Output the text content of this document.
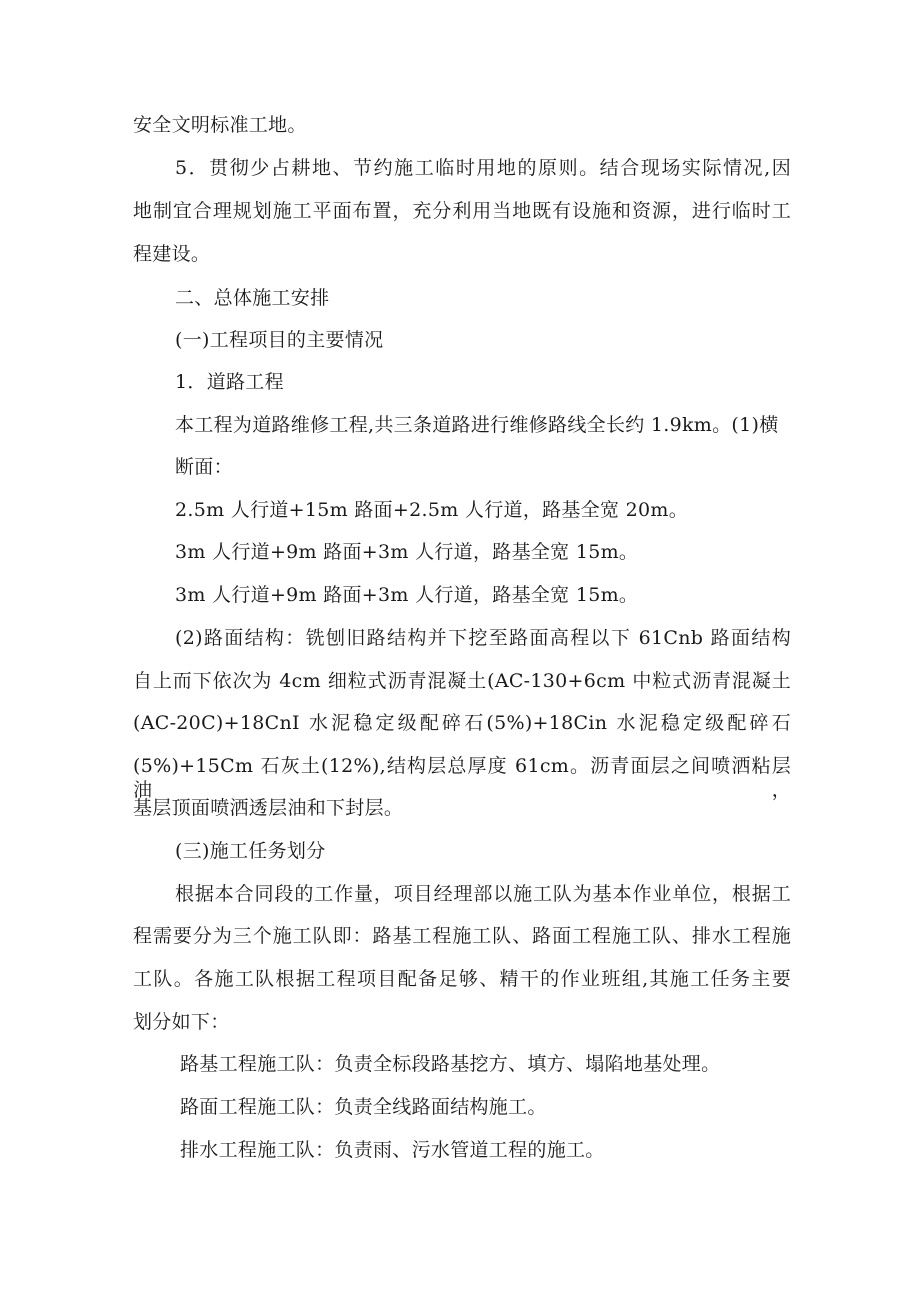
安全文明标准工地。
5．贯彻少占耕地、节约施工临时用地的原则。结合现场实际情况,因
地制宜合理规划施工平面布置，充分利用当地既有设施和资源，进行临时工
程建设。
二、总体施工安排
(一)工程项目的主要情况
1．道路工程
本工程为道路维修工程,共三条道路进行维修路线全长约 1.9km。(1)横
断面：
2.5m 人行道+15m 路面+2.5m 人行道，路基全宽 20m。
3m 人行道+9m 路面+3m 人行道，路基全宽 15m。
3m 人行道+9m 路面+3m 人行道，路基全宽 15m。
(2)路面结构：铣刨旧路结构并下挖至路面高程以下 61Cnb 路面结构
自上而下依次为 4cm 细粒式沥青混凝土(AC-130+6cm 中粒式沥青混凝土
(AC-20C)+18CnI 水泥稳定级配碎石(5%)+18Cin 水泥稳定级配碎石
(5%)+15Cm 石灰土(12%),结构层总厚度 61cm。沥青面层之间喷洒粘层油，
基层顶面喷洒透层油和下封层。
(三)施工任务划分
根据本合同段的工作量，项目经理部以施工队为基本作业单位，根据工
程需要分为三个施工队即：路基工程施工队、路面工程施工队、排水工程施
工队。各施工队根据工程项目配备足够、精干的作业班组,其施工任务主要
划分如下：
路基工程施工队：负责全标段路基挖方、填方、塌陷地基处理。
路面工程施工队：负责全线路面结构施工。
排水工程施工队：负责雨、污水管道工程的施工。
